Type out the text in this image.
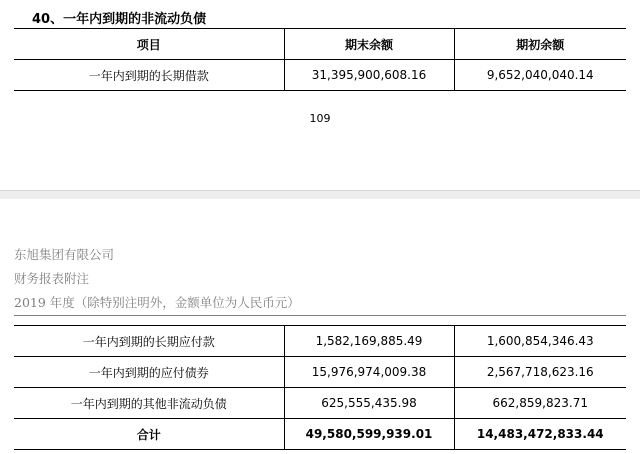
40、一年内到期的非流动负债
项目	期末余额	期初余额
一年内到期的长期借款	31,395,900,608.16	9,652,040,040.14
109
东旭集团有限公司
财务报表附注
2019 年度（除特别注明外，金额单位为人民币元）
一年内到期的长期应付款	1,582,169,885.49	1,600,854,346.43
一年内到期的应付债券	15,976,974,009.38	2,567,718,623.16
一年内到期的其他非流动负债	625,555,435.98	662,859,823.71
合计	49,580,599,939.01	14,483,472,833.44
